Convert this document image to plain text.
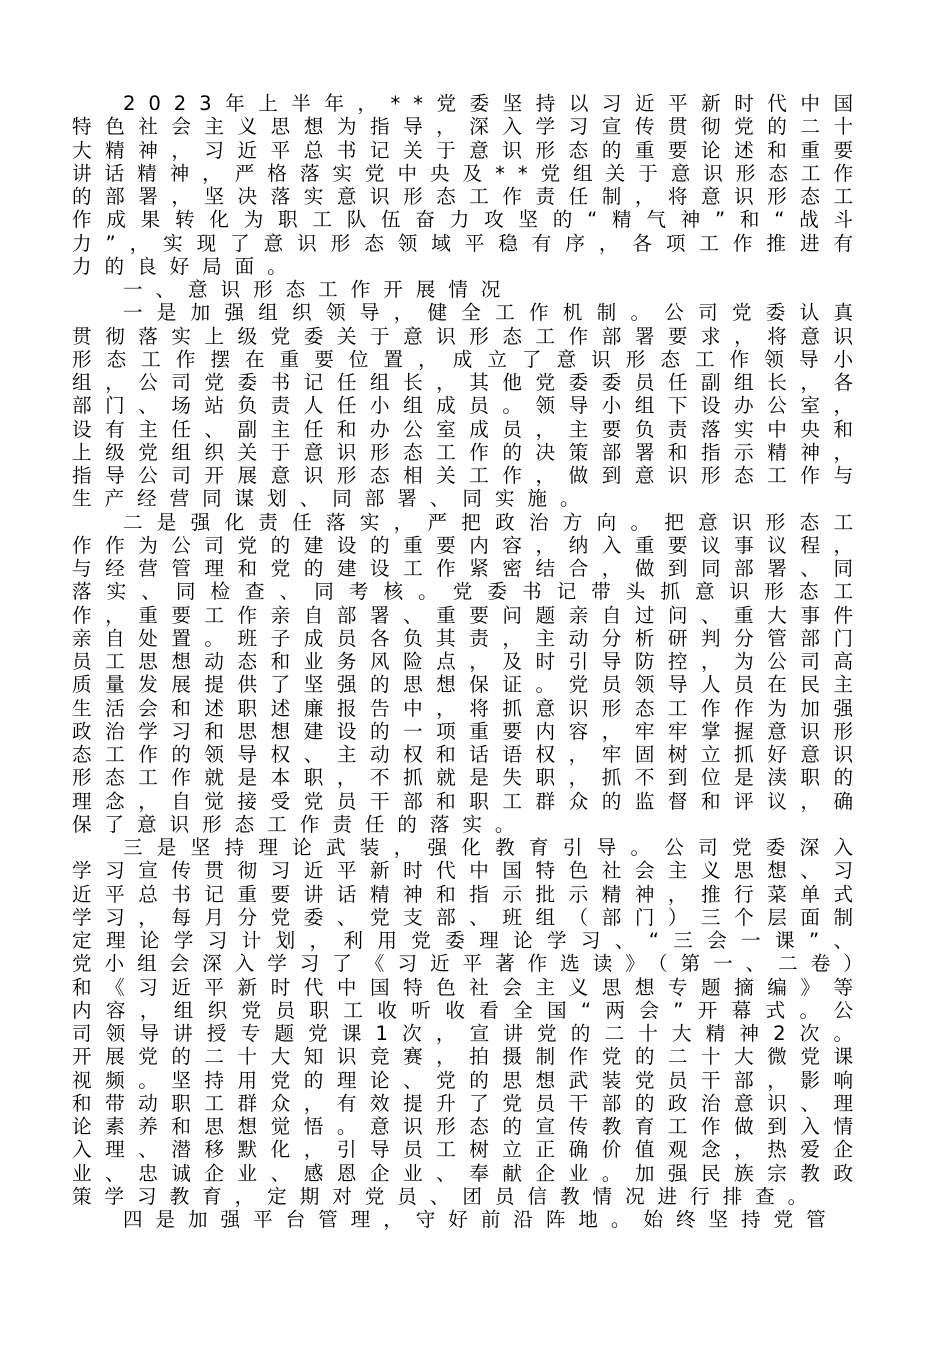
2023年上半年，**党委坚持以习近平新时代中国特色社会主义思想为指导，深入学习宣传贯彻党的二十大精神，习近平总书记关于意识形态的重要论述和重要讲话精神，严格落实党中央及**党组关于意识形态工作的部署，坚决落实意识形态工作责任制，将意识形态工作成果转化为职工队伍奋力攻坚的“精气神”和“战斗力”，实现了意识形态领域平稳有序，各项工作推进有力的良好局面。

一、意识形态工作开展情况

一是加强组织领导，健全工作机制。公司党委认真贯彻落实上级党委关于意识形态工作部署要求，将意识形态工作摆在重要位置，成立了意识形态工作领导小组，公司党委书记任组长，其他党委委员任副组长，各部门、场站负责人任小组成员。领导小组下设办公室，设有主任、副主任和办公室成员，主要负责落实中央和上级党组织关于意识形态工作的决策部署和指示精神，指导公司开展意识形态相关工作，做到意识形态工作与生产经营同谋划、同部署、同实施。

二是强化责任落实，严把政治方向。把意识形态工作作为公司党的建设的重要内容，纳入重要议事议程，与经营管理和党的建设工作紧密结合，做到同部署、同落实、同检查、同考核。党委书记带头抓意识形态工作，重要工作亲自部署、重要问题亲自过问、重大事件亲自处置。班子成员各负其责，主动分析研判分管部门员工思想动态和业务风险点，及时引导防控，为公司高质量发展提供了坚强的思想保证。党员领导人员在民主生活会和述职述廉报告中，将抓意识形态工作作为加强政治学习和思想建设的一项重要内容，牢牢掌握意识形态工作的领导权、主动权和话语权，牢固树立抓好意识形态工作就是本职，不抓就是失职，抓不到位是渎职的理念，自觉接受党员干部和职工群众的监督和评议，确保了意识形态工作责任的落实。

三是坚持理论武装，强化教育引导。公司党委深入学习宣传贯彻习近平新时代中国特色社会主义思想、习近平总书记重要讲话精神和指示批示精神，推行菜单式学习，每月分党委、党支部、班组（部门）三个层面制定理论学习计划，利用党委理论学习、“三会一课”、党小组会深入学习了《习近平著作选读》（第一、二卷）和《习近平新时代中国特色社会主义思想专题摘编》等内容，组织党员职工收听收看全国“两会”开幕式。公司领导讲授专题党课1次，宣讲党的二十大精神2次。开展党的二十大知识竞赛，拍摄制作党的二十大微党课视频。坚持用党的理论、党的思想武装党员干部，影响和带动职工群众，有效提升了党员干部的政治意识、理论素养和思想觉悟。意识形态的宣传教育工作做到入情入理、潜移默化，引导员工树立正确价值观念，热爱企业、忠诚企业、感恩企业、奉献企业。加强民族宗教政策学习教育，定期对党员、团员信教情况进行排查。

四是加强平台管理，守好前沿阵地。始终坚持党管
